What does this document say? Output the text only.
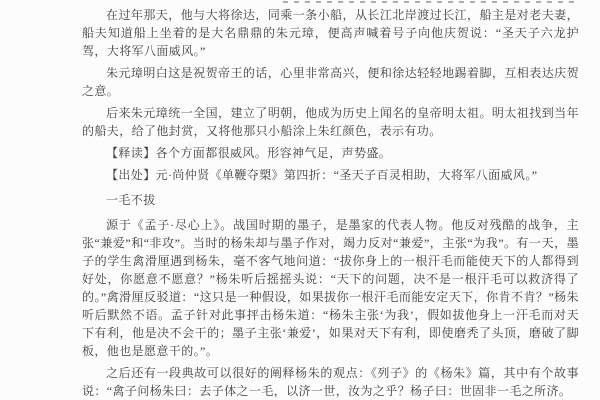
在过年那天，他与大将徐达，同乘一条小船，从长江北岸渡过长江，船主是对老夫妻，船夫知道船上坐着的是大名鼎鼎的朱元璋，便高声喊着号子向他庆贺说：“圣天子六龙护驾，大将军八面威风。”

朱元璋明白这是祝贺帝王的话，心里非常高兴，便和徐达轻轻地踢着脚，互相表达庆贺之意。

后来朱元璋统一全国，建立了明朝，他成为历史上闻名的皇帝明太祖。明太祖找到当年的船夫，给了他封赏，又将他那只小船涂上朱红颜色，表示有功。

【释读】各个方面都很威风。形容神气足，声势盛。

【出处】元·尚仲贤《单鞭夺槊》第四折：“圣天子百灵相助，大将军八面威风。”

一毛不拔

源于《孟子·尽心上》。战国时期的墨子，是墨家的代表人物。他反对残酷的战争，主张“兼爱”和“非攻”。当时的杨朱却与墨子作对，竭力反对“兼爱”，主张“为我”。有一天，墨子的学生禽滑厘遇到杨朱，毫不客气地问道：“拔你身上的一根汗毛而能使天下的人都得到好处，你愿意不愿意？”杨朱听后摇摇头说：“天下的问题，决不是一根汗毛可以救济得了的。”禽滑厘反驳道：“这只是一种假设，如果拔你一根汗毛而能安定天下，你肯不肯？”杨朱听后默然不语。孟子针对此事抨击杨朱道：“杨朱主张‘为我’，假如拔他身上一汗毛而对天下有利，他是决不会干的；墨子主张‘兼爱’，如果对天下有利，即使磨秃了头顶，磨破了脚板，他也是愿意干的。”。

之后还有一段典故可以很好的阐释杨朱的观点：《列子》的《杨朱》篇，其中有个故事说：“禽子问杨朱曰：去子体之一毛，以济一世，汝为之乎？杨子曰：世固非一毛之所济。
